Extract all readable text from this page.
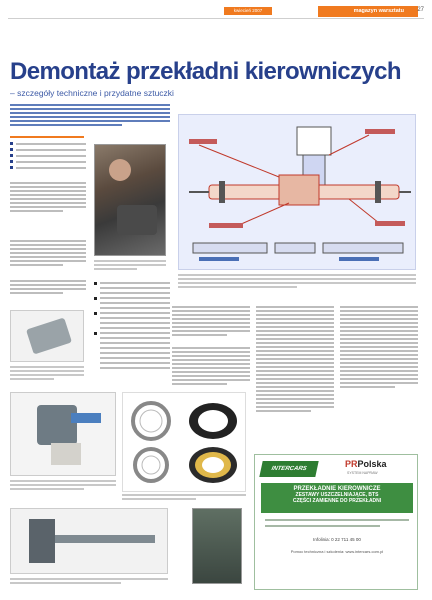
kwiecień 2007	magazyn warsztatu 27
Demontaż przekładni kierowniczych
– szczegóły techniczne i przydatne sztuczki

INTERCARS	PRPolska
SYSTEM NAPRAW
PRZEKŁADNIE KIEROWNICZE
ZESTAWY USZCZELNIAJĄCE, BTS
CZĘŚCI ZAMIENNE DO PRZEKŁADNI
Infolinia: 0 22 711 45 00
Pomoc techniczna i szkolenia: www.intercars.com.pl
